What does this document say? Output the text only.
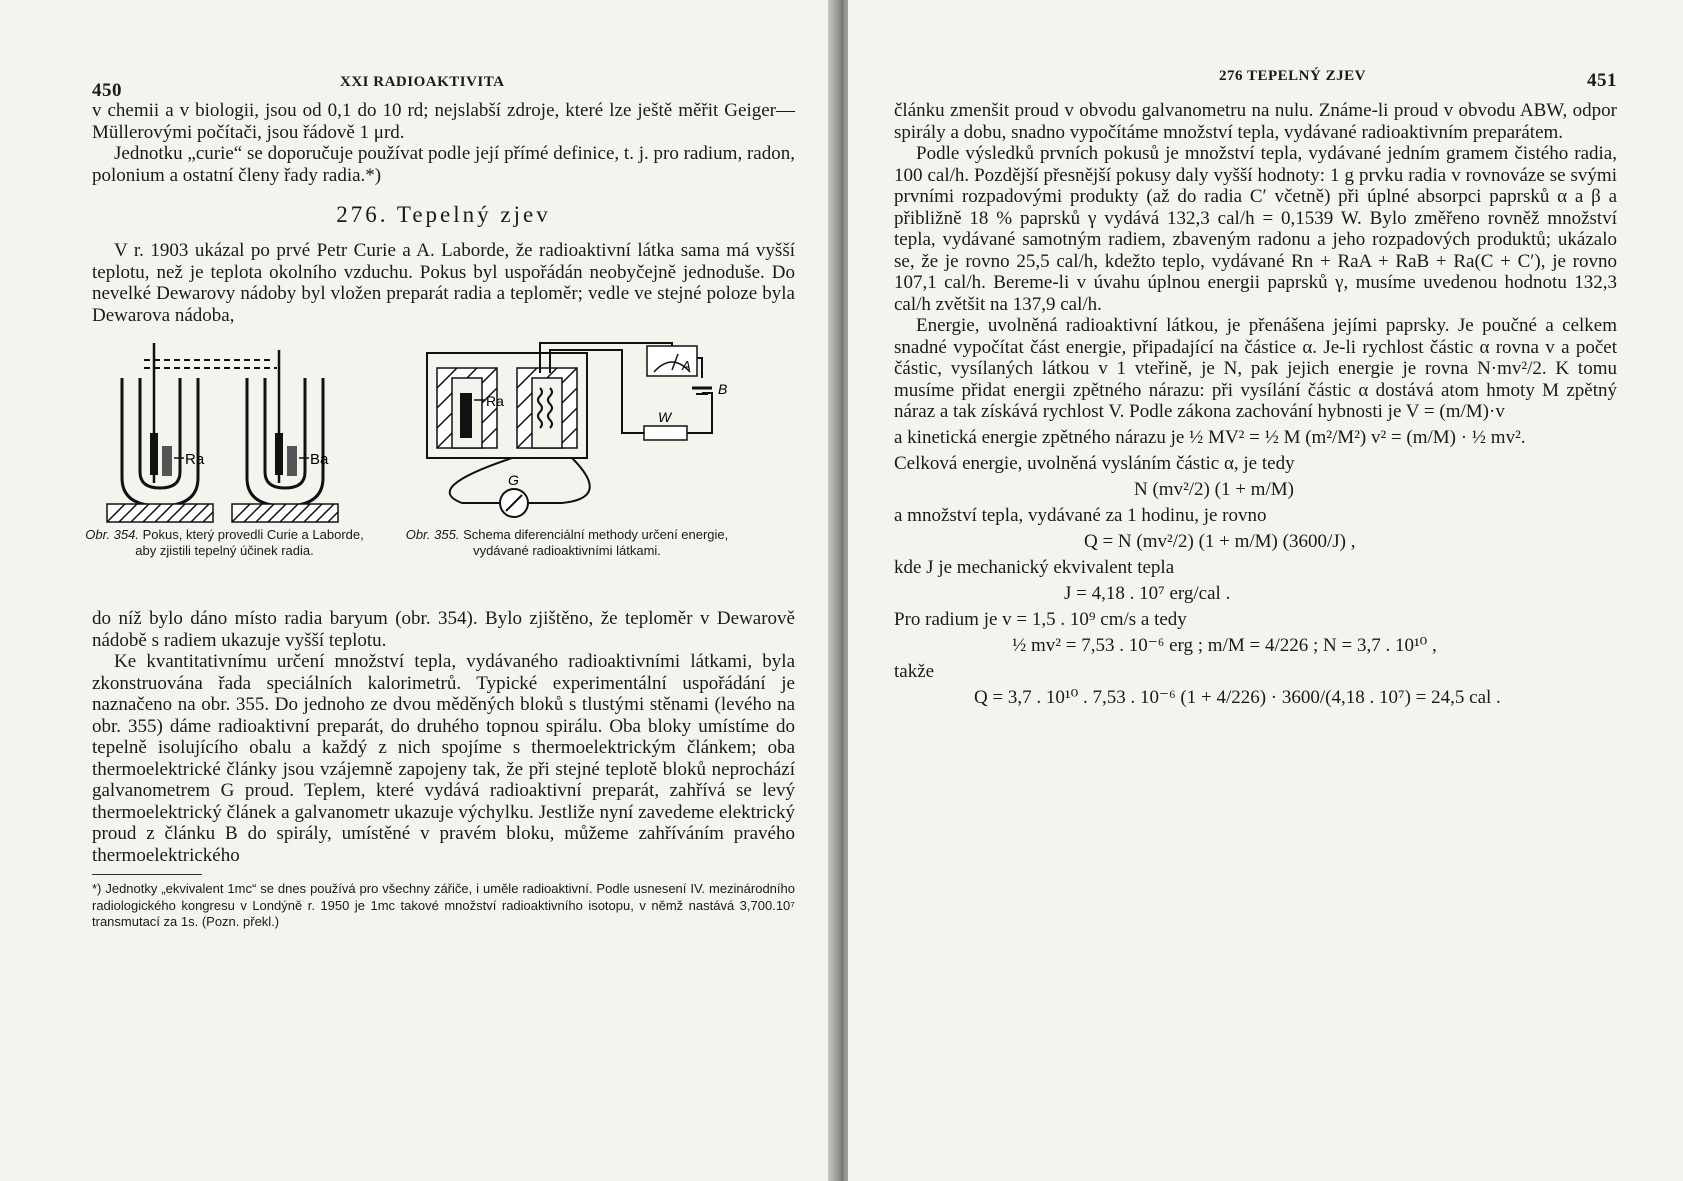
450	XXI RADIOAKTIVITA

v chemii a v biologii, jsou od 0,1 do 10 rd; nejslabší zdroje, které lze ještě měřit Geiger—Müllerovými počítači, jsou řádově 1 μrd.

Jednotku „curie“ se doporučuje používat podle její přímé definice, t. j. pro radium, radon, polonium a ostatní členy řady radia.*)

276. Tepelný zjev

V r. 1903 ukázal po prvé Petr Curie a A. Laborde, že radioaktivní látka sama má vyšší teplotu, než je teplota okolního vzduchu. Pokus byl uspořádán neobyčejně jednoduše. Do nevelké Dewarovy nádoby byl vložen preparát radia a teploměr; vedle ve stejné poloze byla Dewarova nádoba,

Ra	Ba
Obr. 354. Pokus, který provedli Curie a Laborde, aby zjistili tepelný účinek radia.
Ra
A
B
W
G
Obr. 355. Schema diferenciální methody určení energie, vydávané radioaktivními látkami.

do níž bylo dáno místo radia baryum (obr. 354). Bylo zjištěno, že teploměr v Dewarově nádobě s radiem ukazuje vyšší teplotu.

Ke kvantitativnímu určení množství tepla, vydávaného radioaktivními látkami, byla zkonstruována řada speciálních kalorimetrů. Typické experimentální uspořádání je naznačeno na obr. 355. Do jednoho ze dvou měděných bloků s tlustými stěnami (levého na obr. 355) dáme radioaktivní preparát, do druhého topnou spirálu. Oba bloky umístíme do tepelně isolujícího obalu a každý z nich spojíme s thermoelektrickým článkem; oba thermoelektrické články jsou vzájemně zapojeny tak, že při stejné teplotě bloků neprochází galvanometrem G proud. Teplem, které vydává radioaktivní preparát, zahřívá se levý thermoelektrický článek a galvanometr ukazuje výchylku. Jestliže nyní zavedeme elektrický proud z článku B do spirály, umístěné v pravém bloku, můžeme zahříváním pravého thermoelektrického

*) Jednotky „ekvivalent 1mc“ se dnes používá pro všechny zářiče, i uměle radioaktivní. Podle usnesení IV. mezinárodního radiologického kongresu v Londýně r. 1950 je 1mc takové množství radioaktivního isotopu, v němž nastává 3,700.10⁷ transmutací za 1s. (Pozn. překl.)
276 TEPELNÝ ZJEV	451

článku zmenšit proud v obvodu galvanometru na nulu. Známe-li proud v obvodu ABW, odpor spirály a dobu, snadno vypočítáme množství tepla, vydávané radioaktivním preparátem.

Podle výsledků prvních pokusů je množství tepla, vydávané jedním gramem čistého radia, 100 cal/h. Pozdější přesnější pokusy daly vyšší hodnoty: 1 g prvku radia v rovnováze se svými prvními rozpadovými produkty (až do radia C′ včetně) při úplné absorpci paprsků α a β a přibližně 18 % paprsků γ vydává 132,3 cal/h = 0,1539 W. Bylo změřeno rovněž množství tepla, vydávané samotným radiem, zbaveným radonu a jeho rozpadových produktů; ukázalo se, že je rovno 25,5 cal/h, kdežto teplo, vydávané Rn + RaA + RaB + Ra(C + C′), je rovno 107,1 cal/h. Bereme-li v úvahu úplnou energii paprsků γ, musíme uvedenou hodnotu 132,3 cal/h zvětšit na 137,9 cal/h.

Energie, uvolněná radioaktivní látkou, je přenášena jejími paprsky. Je poučné a celkem snadné vypočítat část energie, připadající na částice α. Je-li rychlost částic α rovna v a počet částic, vysílaných látkou v 1 vteřině, je N, pak jejich energie je rovna N·mv²/2. K tomu musíme přidat energii zpětného nárazu: při vysílání částic α dostává atom hmoty M zpětný náraz a tak získává rychlost V. Podle zákona zachování hybnosti je V = (m/M)·v

a kinetická energie zpětného nárazu je ½ MV² = ½ M (m²/M²) v² = (m/M) · ½ mv².
Celková energie, uvolněná vysláním částic α, je tedy
N (mv²/2) (1 + m/M)
a množství tepla, vydávané za 1 hodinu, je rovno
Q = N (mv²/2) (1 + m/M) (3600/J) ,
kde J je mechanický ekvivalent tepla
J = 4,18 . 10⁷ erg/cal .
Pro radium je v = 1,5 . 10⁹ cm/s a tedy
½ mv² = 7,53 . 10⁻⁶ erg ; m/M = 4/226 ; N = 3,7 . 10¹⁰ ,
takže
Q = 3,7 . 10¹⁰ . 7,53 . 10⁻⁶ (1 + 4/226) · 3600/(4,18 . 10⁷) = 24,5 cal .
